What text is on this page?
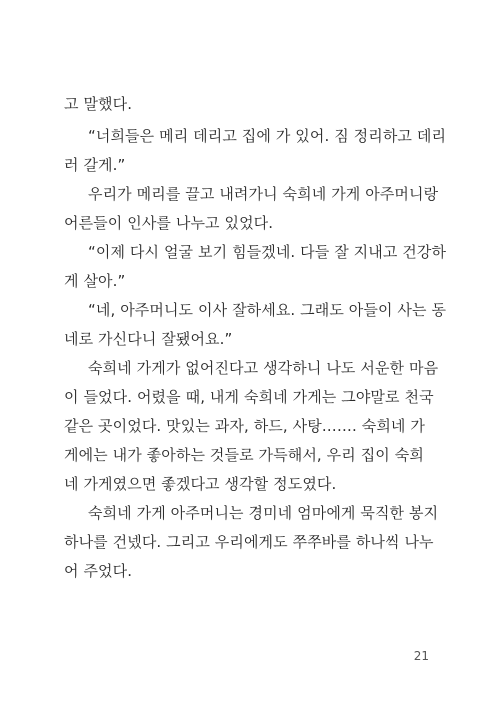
고 말했다.
“너희들은 메리 데리고 집에 가 있어. 짐 정리하고 데리
러 갈게.”
우리가 메리를 끌고 내려가니 숙희네 가게 아주머니랑
어른들이 인사를 나누고 있었다.
“이제 다시 얼굴 보기 힘들겠네. 다들 잘 지내고 건강하
게 살아.”
“네, 아주머니도 이사 잘하세요. 그래도 아들이 사는 동
네로 가신다니 잘됐어요.”
숙희네 가게가 없어진다고 생각하니 나도 서운한 마음
이 들었다. 어렸을 때, 내게 숙희네 가게는 그야말로 천국
같은 곳이었다. 맛있는 과자, 하드, 사탕……. 숙희네 가
게에는 내가 좋아하는 것들로 가득해서, 우리 집이 숙희
네 가게였으면 좋겠다고 생각할 정도였다.
숙희네 가게 아주머니는 경미네 엄마에게 묵직한 봉지
하나를 건넸다. 그리고 우리에게도 쭈쭈바를 하나씩 나누
어 주었다.
21
